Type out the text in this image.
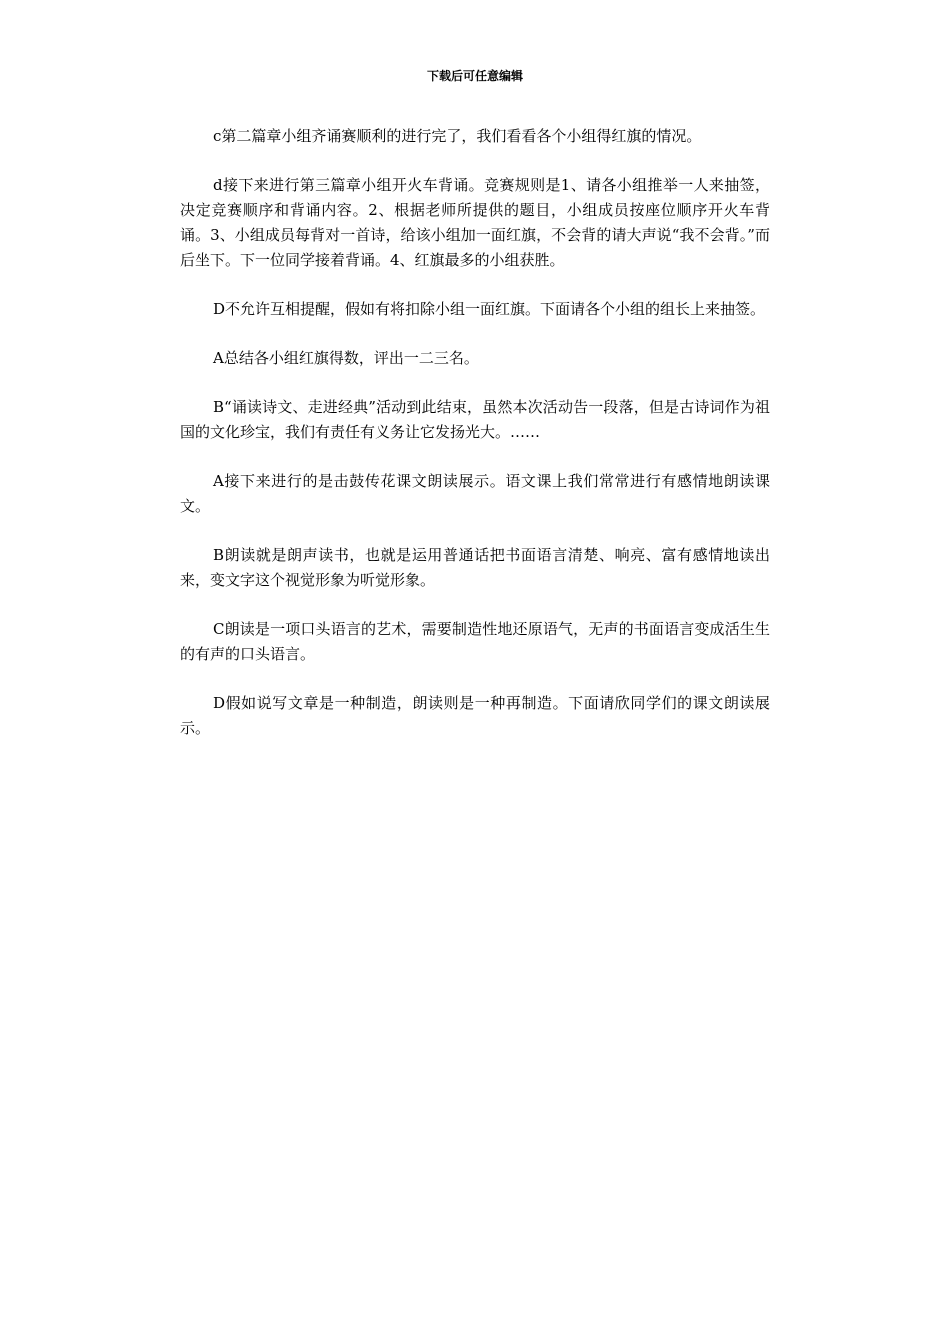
下载后可任意编辑

c第二篇章小组齐诵赛顺利的进行完了，我们看看各个小组得红旗的情况。

d接下来进行第三篇章小组开火车背诵。竞赛规则是1、请各小组推举一人来抽签，决定竞赛顺序和背诵内容。2、根据老师所提供的题目，小组成员按座位顺序开火车背诵。3、小组成员每背对一首诗，给该小组加一面红旗，不会背的请大声说“我不会背。”而后坐下。下一位同学接着背诵。4、红旗最多的小组获胜。

D不允许互相提醒，假如有将扣除小组一面红旗。下面请各个小组的组长上来抽签。

A总结各小组红旗得数，评出一二三名。

B“诵读诗文、走进经典”活动到此结束，虽然本次活动告一段落，但是古诗词作为祖国的文化珍宝，我们有责任有义务让它发扬光大。……

A接下来进行的是击鼓传花课文朗读展示。语文课上我们常常进行有感情地朗读课文。

B朗读就是朗声读书，也就是运用普通话把书面语言清楚、响亮、富有感情地读出来，变文字这个视觉形象为听觉形象。

C朗读是一项口头语言的艺术，需要制造性地还原语气，无声的书面语言变成活生生的有声的口头语言。

D假如说写文章是一种制造，朗读则是一种再制造。下面请欣同学们的课文朗读展示。
